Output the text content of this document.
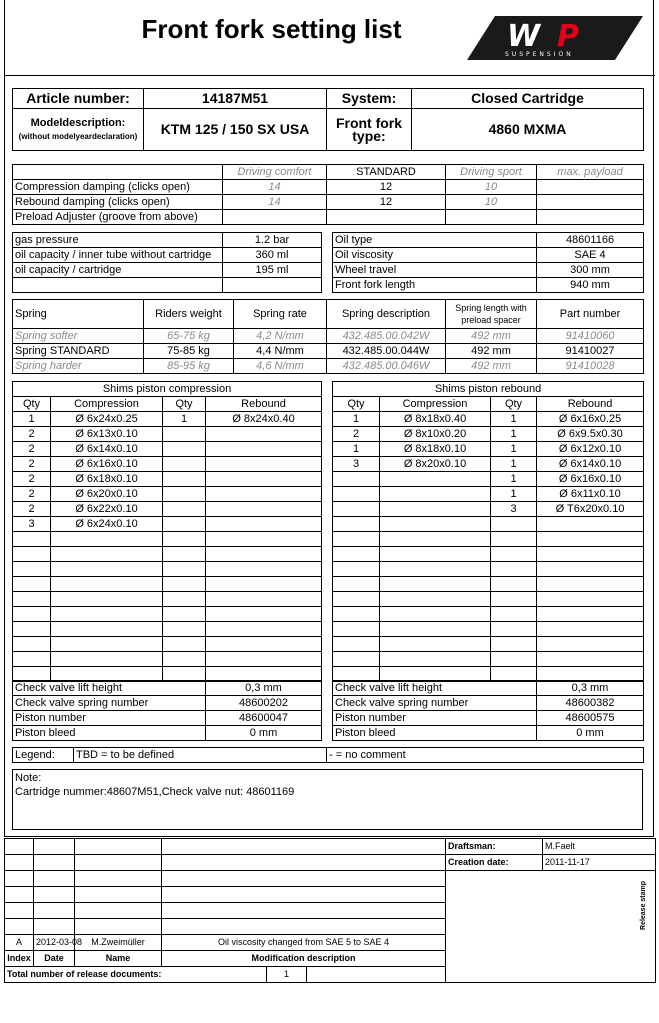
Front fork setting list	W P
SUSPENSION
Article number:	14187M51	System:	Closed Cartridge
Modeldescription:
(without modelyeardeclaration)	KTM 125 / 150 SX USA	Front fork type:	4860 MXMA
	Driving comfort	STANDARD	Driving sport	max. payload
Compression damping (clicks open)	14	12	10	
Rebound damping (clicks open)	14	12	10	
Preload Adjuster (groove from above)				
gas pressure	1.2 bar
oil capacity / inner tube without cartridge	360 ml
oil capacity / cartridge	195 ml

Oil type	48601166
Oil viscosity	SAE 4
Wheel travel	300 mm
Front fork length	940 mm
Spring	Riders weight	Spring rate	Spring description	Spring length with preload spacer	Part number
Spring softer	65-75 kg	4,2 N/mm	432.485.00.042W	492 mm	91410060
Spring STANDARD	75-85 kg	4,4 N/mm	432.485.00.044W	492 mm	91410027
Spring harder	85-95 kg	4,6 N/mm	432.485.00.046W	492 mm	91410028
Shims piston compression			
Qty	Compression	Qty	Rebound
1	Ø 6x24x0.25	1	Ø 8x24x0.40
2	Ø 6x13x0.10		
2	Ø 6x14x0.10		
2	Ø 6x16x0.10		
2	Ø 6x18x0.10		
2	Ø 6x20x0.10		
2	Ø 6x22x0.10		
3	Ø 6x24x0.10		

Shims piston rebound			
Qty	Compression	Qty	Rebound
1	Ø 8x18x0.40	1	Ø 6x16x0.25
2	Ø 8x10x0.20	1	Ø 6x9.5x0.30
1	Ø 8x18x0.10	1	Ø 6x12x0.10
3	Ø 8x20x0.10	1	Ø 6x14x0.10
		1	Ø 6x16x0.10
		1	Ø 6x11x0.10
		3	Ø T6x20x0.10

Check valve lift height	0,3 mm
Check valve spring number	48600202
Piston number	48600047
Piston bleed	0 mm
Check valve lift height	0,3 mm
Check valve spring number	48600382
Piston number	48600575
Piston bleed	0 mm
Legend:	TBD = to be defined	- = no comment
Note:
Cartridge nummer:48607M51,Check valve nut: 48601169
						Draftsman:	M.Faelt
						Creation date:	2011-11-17

A	2012-03-08	M.Zweimüller	Oil viscosity changed from SAE 5 to SAE 4				
Index	Date	Name	Modification description				
Total number of release documents:				1			
Release stamp
